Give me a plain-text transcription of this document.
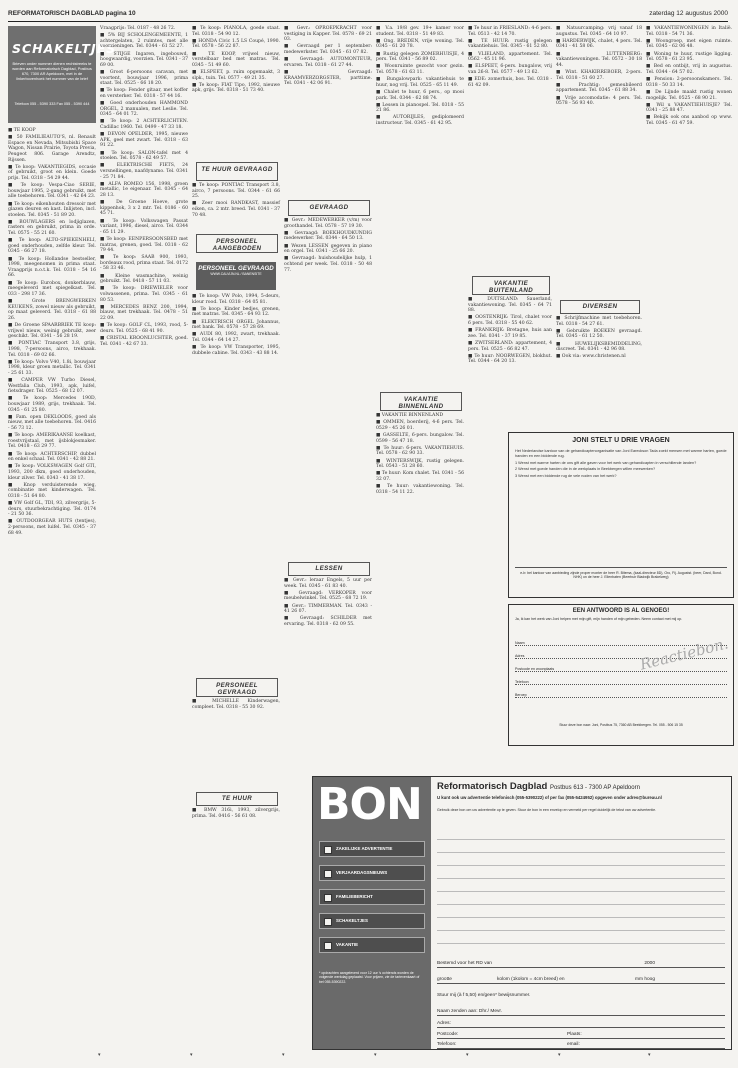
REFORMATORISCH DAGBLAD pagina 10	zaterdag 12 augustus 2000
SCHAKELTJES
Brieven onder nummer dienen rechtstreeks te worden aan Reformatorisch Dagblad, Postbus 670, 7300 AR Apeldoorn, met in de linkerbovenhoek het nummer van de brief
Telefoon 055 - 5390 333 Fax 055 - 5390 444

■ TE KOOP

■ 50 FAMILIEAUTO'S, nl. Renault Espace en Nevada, Mitsubishi Space Wagon, Nissan Prairie, Toyota Previa, Peugeot 806. Garage Arendtz, Rijssen.

■ Te koop: VAKANTIEGIDS, occasie of gebruikt, groot en klein. Goede prijs. Tel. 0318 - 54 29 44.

■ Te koop: Vespa-Ciao SERIE, bouwjaar 1995, 2-gang gebruikt, met alle toebehoren. Tel. 0341 - 42 64 23.

■ Te koop: eikenhouten dressoir met glazen deuren en kast. Inlijsten, incl. stoelen. Tel. 0345 - 51 89 20.

■ BOUWLAGERS en lodjiglazen, rasters en gebruikt, prima in orde. Tel. 0575 - 55 21 60.

■ Te koop: ALTO-SPIEKENHELI, goed onderhouden, zelfde kleur. Tel. 0345 - 66 27 18.

■ Te koop: Hollandse bestseller, 1998, meegenomen in prima staat. Vraagprijs n.o.t.k. Tel. 0318 - 54 16 66.

■ Te koop: Eurobox, donkerblauw, meegeleverd met spiegelkast. Tel. 033 - 298 17 36.

■ Grote BRENGWERKEN KEUKENS, zowel nieuw als gebruikt, op maat geleverd. Tel. 0318 - 61 88 26.

■ De Groene SPAARBRIEK TE koop: vrijwel nieuw, weinig gebruikt, zeer geschikt. Tel. 0341 - 56 28 19.

■ PONTIAC Transport 3.8, grijs, 1998, 7-persoons, airco, trekhaak. Tel. 0318 - 69 02 66.

■ Te koop: Volvo V40, 1.8i, bouwjaar 1998, kleur groen metallic. Tel. 0341 - 25 61 33.

■ CAMPER VW Turbo Diesel, Westfalia Club, 1993, apk, luifel, fietsdrager. Tel. 0525 - 68 12 07.

■ Te koop: Mercedes 190D, bouwjaar 1989, grijs, trekhaak. Tel. 0345 - 61 25 80.

■ Fam. open DEKLOODS, goed als nieuw, met alle toebehoren. Tel. 0416 - 56 73 12.

■ Te koop: AMERIKAANSE koelkast, roestvrijstaal, met ijsblokjesmaker. Tel. 0418 - 63 29 77.

■ Te koop: ACHTERSCHIP, dubbel en enkel schaal. Tel. 0341 - 42 88 21.

■ Te koop: VOLKSWAGEN Golf GTI, 1993, 200 dkm, goed onderhouden, kleur zilver. Tel. 0343 - 41 38 17.

■ Knop verduisterende wieg, combinatie met kinderwagen. Tel. 0318 - 51 64 80.

■ VW Golf GL, TDI, 93, zilvergrijs, 5-deurs, stuurbekrachtiging. Tel. 0174 - 21 50 36.

■ OUTDOORGEAR HUTS (tentjes), 2-persoons, met luifel. Tel. 0345 - 37 68 49.

Vraagprijs: Tel. 0187 - 48 26 72.

■ 5% BIJ SCHOLENGEMEENTE, 1 achtergelaten, 2 ruimtes, met alle voorzieningen. Tel. 0344 - 61 52 27.

■ STIJGE Ingaren, ingebouwd, hoogwaardig, voorzien. Tel. 0341 - 37 69 00.

■ Groot 6-persoons caravan, met voortent, bouwjaar 1996, prima staat. Tel. 0525 - 66 18 20.

■ Te koop: Fender gitaar, met koffer en versterker. Tel. 0318 - 57 44 16.

■ Goed onderhouden HAMMOND ORGEL, 2 manualen, met Leslie. Tel. 0345 - 64 01 72.

■ Te koop: 2 ACHTERLICHTEN. Cadillac 1960. Tel. 0499 - 47 33 18.

■ DEVON OPELDER, 1995, nieuwe APK, geel met zwart. Tel. 0318 - 63 91 22.

■ Te koop: SALON-tafel met 4 stoelen. Tel. 0578 - 62 49 57.

■ ELEKTRISCHE FIETS, 24 versnellingen, naafdynamo. Tel. 0341 - 25 71 84.

■ ALFA ROMEO 156, 1998, groen metallic, 1e eigenaar. Tel. 0345 - 64 28 13.

■ De Groene Hoeve, grote kippenhok, 3 x 2 mtr. Tel. 0186 - 60 45 71.

■ Te koop: Volkswagen Passat variant, 1996, diesel, airco. Tel. 0344 - 65 11 29.

■ Te koop: EENPERSOONSBED met matras, grenen, goed. Tel. 0318 - 62 79 44.

■ Te koop: SAAB 900, 1993, bordeaux rood, prima staat. Tel. 0172 - 58 33 46.

■ Kleine wasmachine, weinig gebruikt. Tel. 0418 - 57 11 03.

■ Te koop: DRIEWIELER voor volwassenen, prima. Tel. 0345 - 61 80 53.

■ MERCEDES BENZ 200, 1994, blauw, met trekhaak. Tel. 0478 - 51 22 09.

■ Te koop: GOLF CL, 1993, rood, 5-deurs. Tel. 0525 - 68 41 90.

■ CRISTAL KROONLUCHTER, goed. Tel. 0341 - 42 67 33.

■ Te koop: PIANOLA, goede staat. Tel. 0318 - 54 90 12.

■ HONDA Civic 1.5 LS Coupé, 1990. Tel. 0578 - 56 22 87.

■ TE KOOP, vrijwel nieuw, verstelbaar bed met matras. Tel. 0345 - 51 49 60.

■ ELSPEET, p. ruim opgemaakt, 3 slpk., tuin. Tel. 0577 - 49 21 35.

■ Te koop: FIAT Tipo, 1992, nieuwe apk, grijs. Tel. 0318 - 51 73 40.

TE HUUR GEVRAAGD

■ Te koop: PONTIAC Transport 3.8, airco, 7 persoons. Tel. 0344 - 61 66 25.

■ Zeer mooi RANDKAST, massief eiken, ca. 2 mtr. breed. Tel. 0341 - 37 70 48.

PERSONEEL AANGEBODEN
PERSONEEL GEVRAAGD
WWW.CALVIJN.NL / BANENSITE

■ Te koop: VW Polo, 1994, 5-deurs, kleur rood. Tel. 0318 - 64 05 81.

■ Te koop: Kinder bedjes, grenen, met matras. Tel. 0345 - 64 93 12.

■ ELEKTRISCH ORGEL Johannus, met bank. Tel. 0578 - 57 28 69.

■ AUDI 80, 1992, zwart, trekhaak. Tel. 0344 - 64 14 27.

■ Te koop: VW Transporter, 1995, dubbele cabine. Tel. 0343 - 43 88 14.

PERSONEEL GEVRAAGD

■ MICHELLE Kinderwagen, compleet. Tel. 0318 - 55 30 92.

TE HUUR

■ BMW 316i, 1993, zilvergrijs, prima. Tel. 0416 - 56 61 08.

■ Gevr.: OPROEPKRACHT voor vestiging in Kapper. Tel. 0578 - 69 21 03.

■ Gevraagd per 1 september: medewerkster. Tel. 0345 - 61 07 82.

■ Gevraagd: AUTOMONTEUR, ervaren. Tel. 0318 - 61 27 44.

■ Gevraagd: KRAAMVERZORGSTER, parttime. Tel. 0341 - 42 06 91.

GEVRAAGD

■ Gevr.: MEDEWERKER (v/m) voor groothandel. Tel. 0578 - 57 19 30.

■ Gevraagd: BOEKHOUDKUNDIG medewerker. Tel. 0344 - 64 50 13.

■ Wezen LESSEN gegeven in piano en orgel. Tel. 0341 - 25 66 20.

■ Gevraagd: huishoudelijke hulp, 1 ochtend per week. Tel. 0318 - 50 48 77.

LESSEN

■ Gevr.: leraar Engels, 5 uur per week. Tel. 0345 - 61 83 40.

■ Gevraagd: VERKOPER voor meubelwinkel. Tel. 0525 - 68 72 19.

■ Gevr.: TIMMERMAN. Tel. 0343 - 41 26 07.

■ Gevraagd: SCHILDER met ervaring. Tel. 0318 - 62 09 55.

■ V.a. 19/8 gev. 19+ kamer voor student. Tel. 0318 - 51 49 83.

■ Ong. BREDEN, vrije woning. Tel. 0345 - 61 20 78.

■ Rustig gelegen ZOMERHUISJE, 4 pers. Tel. 0341 - 56 89 02.

■ Woonruimte gezocht voor gezin. Tel. 0578 - 61 63 11.

■ Bungalowpark: vakantiehuis te huur, nog vrij. Tel. 0525 - 65 11 49.

■ Chalet te huur, 6 pers., op mooi park. Tel. 0344 - 62 88 74.

■ Lessen in pianospel. Tel. 0318 - 55 21 86.

■ AUTORIJLES, gediplomeerd instructeur. Tel. 0345 - 61 42 95.

VAKANTIE BINNENLAND

■ VAKANTIE BINNENLAND

■ OMMEN, boerderij, 4-6 pers. Tel. 0529 - 45 26 01.

■ GASSELTE, 6-pers. bungalow. Tel. 0599 - 56 47 18.

■ Te huur: 6-pers. VAKANTIEHUIS. Tel. 0578 - 62 90 33.

■ WINTERSWIJK, rustig gelegen. Tel. 0543 - 51 28 60.

■ Te huur: Kom chalet. Tel. 0341 - 56 32 07.

■ Te huur: vakantiewoning. Tel. 0318 - 54 11 22.

■ Te huur in FRIESLAND: 4-6 pers. Tel. 0513 - 42 14 70.

■ TE HUUR: rustig gelegen vakantiehuis. Tel. 0345 - 61 52 80.

■ VLIELAND, appartement. Tel. 0562 - 45 11 96.

■ ELSPEET, 6-pers. bungalow, vrij van 26-8. Tel. 0577 - 49 13 62.

■ EDE: zomerhuis, bos. Tel. 0318 - 61 42 09.

VAKANTIE BUITENLAND

■ DUITSLAND: Sauerland, vakantiewoning. Tel. 0345 - 64 71 88.

■ OOSTENRIJK: Tirol, chalet voor 6 pers. Tel. 0318 - 55 40 62.

■ FRANKRIJK: Bretagne, huis aan zee. Tel. 0341 - 37 19 85.

■ ZWITSERLAND: appartement, 4 pers. Tel. 0525 - 66 82 47.

■ Te huur: NOORWEGEN, blokhut. Tel. 0344 - 64 20 13.

■ Natuurcamping: vrij vanaf 18 augustus. Tel. 0345 - 64 10 97.

■ HARDERWIJK, chalet, 4 pers. Tel. 0341 - 41 58 06.

■ LUTTENBERG: vakantiewoningen. Tel. 0572 - 30 18 44.

■ Wint. KHAKIRREBOER, 2-pers. Tel. 0318 - 51 60 27.

■ Prachtig: gemeubileerd appartement. Tel. 0345 - 61 88 34.

■ Vrije accomodatie: 4 pers. Tel. 0578 - 56 93 40.

DIVERSEN

■ Schrijfmachine met toebehoren. Tel. 0318 - 54 27 61.

■ Gebruikte BOEKEN gevraagd. Tel. 0345 - 61 12 50.

■ HUWELIJKSBEMIDDELING, discreet. Tel. 0341 - 42 96 08.

■ Ook via: www.christenen.nl

■ VAKANTIEWONINGEN in Italië. Tel. 0318 - 54 71 36.

■ Woongroep, met eigen ruimte. Tel. 0345 - 62 06 48.

■ Woning te huur, rustige ligging. Tel. 0578 - 61 23 95.

■ Bed en ontbijt, vrij in augustus. Tel. 0344 - 64 57 02.

■ Pension: 2-persoonskamers. Tel. 0318 - 50 33 14.

■ De Lijnde maakt rustig wonen mogelijk. Tel. 0525 - 68 90 21.

■ Wil u VAKANTIEHUISJE? Tel. 0341 - 25 88 47.

■ Bekijk ook ons aanbod op www. Tel. 0345 - 61 47 59.

JONI STELT U DRIE VRAGEN

Het Nederlandse kantoor van de gehandicaptenorganisatie van Joni Eareckson Tada zoekt mensen met warme harten, goede handen en een biddende rug.

1 Wenst met warme harten de ons gift alle gaven voor het werk van gehandicapten in verschillende landen?

2 Wenst met goede handen die in de werkplaats in Beekbergen willen meewerken?

3 Wenst met een biddende rug de vele noden van het werk?

e-b: bel kantoor van aanbieding zijnde proper monter de heer R. Bitema, (kaal-directeur 8D), Oro, Fij. Augustst. (beer, Dard, Bond. NHK) on de heer J. Ellenbaten (Beerbuir Bladwijk Brakelweg)
EEN ANTWOORD IS AL GENOEG!
Ja, ik kan het werk van Joni helpen met mijn gift, mijn handen of mijn gebeden. Neem contact met mij op.
Naam
Adres
Postcode en woonplaats
Telefoon
Beroep
Reactiebon.
Stuur deze bon naar: Joni, Postbus 75, 7360 AB Beekbergen. Tel. 055 - 506 15 35
BON
ZAKELIJKE ADVERTENTIE
VERJAARDAGSNIEUWS
FAMILIEBERICHT
SCHAKELTJES
VAKANTIE
* opdrachten aangeleverd voor 12 uur 's ochtends worden de volgende werkdag geplaatst. Voor prijzen, zie de tarievenkaart of bel 055-5390222.
Reformatorisch Dagblad Postbus 613 - 7300 AP Apeldoorn
U kunt ook uw advertentie telefonisch (055-5390222) of per fax (055-5424952) opgeven onder adres@bureau.nl
Gebruik deze bon om uw advertentie op te geven. Stuur de bon in een envelop en vermeld per regel duidelijk de tekst van uw advertentie.
Bestemd voor het RD van	2000
grootte	kolom (1kolom = 4cm breed) en	mm hoog
Stuur mij (à f 5,50) en/geen* bewijsnummer.
Naam zenden aan: Dhr./ Mevr.
Adres:
Postcode:	Plaats:
Telefoon:	email:
▾	▾	▾	▾	▾	▾	▾
